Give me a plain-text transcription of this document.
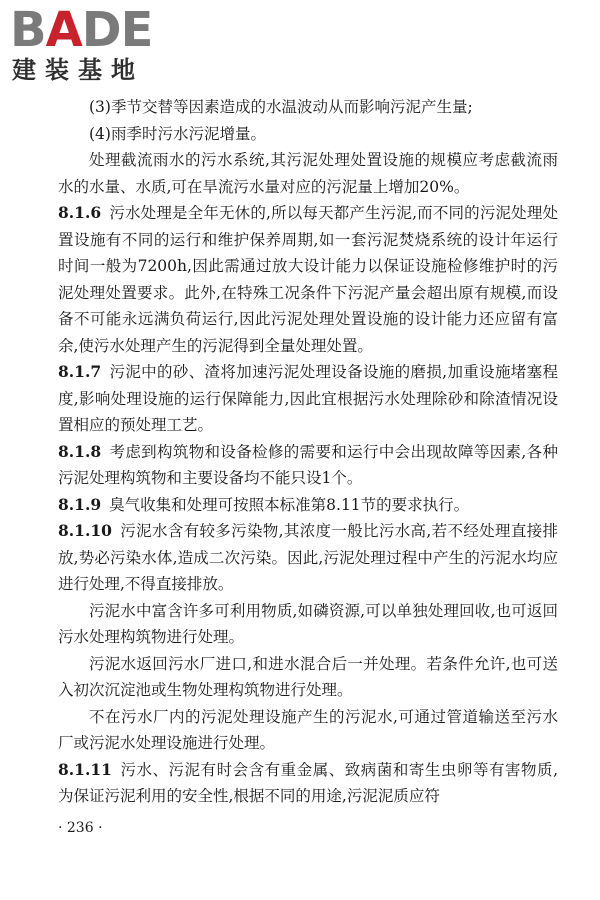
BADE
建装基地

(3)季节交替等因素造成的水温波动从而影响污泥产生量;

(4)雨季时污水污泥增量。

处理截流雨水的污水系统,其污泥处理处置设施的规模应考虑截流雨水的水量、水质,可在旱流污水量对应的污泥量上增加20%。

8.1.6 污水处理是全年无休的,所以每天都产生污泥,而不同的污泥处理处置设施有不同的运行和维护保养周期,如一套污泥焚烧系统的设计年运行时间一般为7200h,因此需通过放大设计能力以保证设施检修维护时的污泥处理处置要求。此外,在特殊工况条件下污泥产量会超出原有规模,而设备不可能永远满负荷运行,因此污泥处理处置设施的设计能力还应留有富余,使污水处理产生的污泥得到全量处理处置。

8.1.7 污泥中的砂、渣将加速污泥处理设备设施的磨损,加重设施堵塞程度,影响处理设施的运行保障能力,因此宜根据污水处理除砂和除渣情况设置相应的预处理工艺。

8.1.8 考虑到构筑物和设备检修的需要和运行中会出现故障等因素,各种污泥处理构筑物和主要设备均不能只设1个。

8.1.9 臭气收集和处理可按照本标准第8.11节的要求执行。

8.1.10 污泥水含有较多污染物,其浓度一般比污水高,若不经处理直接排放,势必污染水体,造成二次污染。因此,污泥处理过程中产生的污泥水均应进行处理,不得直接排放。

污泥水中富含许多可利用物质,如磷资源,可以单独处理回收,也可返回污水处理构筑物进行处理。

污泥水返回污水厂进口,和进水混合后一并处理。若条件允许,也可送入初次沉淀池或生物处理构筑物进行处理。

不在污水厂内的污泥处理设施产生的污泥水,可通过管道输送至污水厂或污泥水处理设施进行处理。

8.1.11 污水、污泥有时会含有重金属、致病菌和寄生虫卵等有害物质,为保证污泥利用的安全性,根据不同的用途,污泥泥质应符

· 236 ·
